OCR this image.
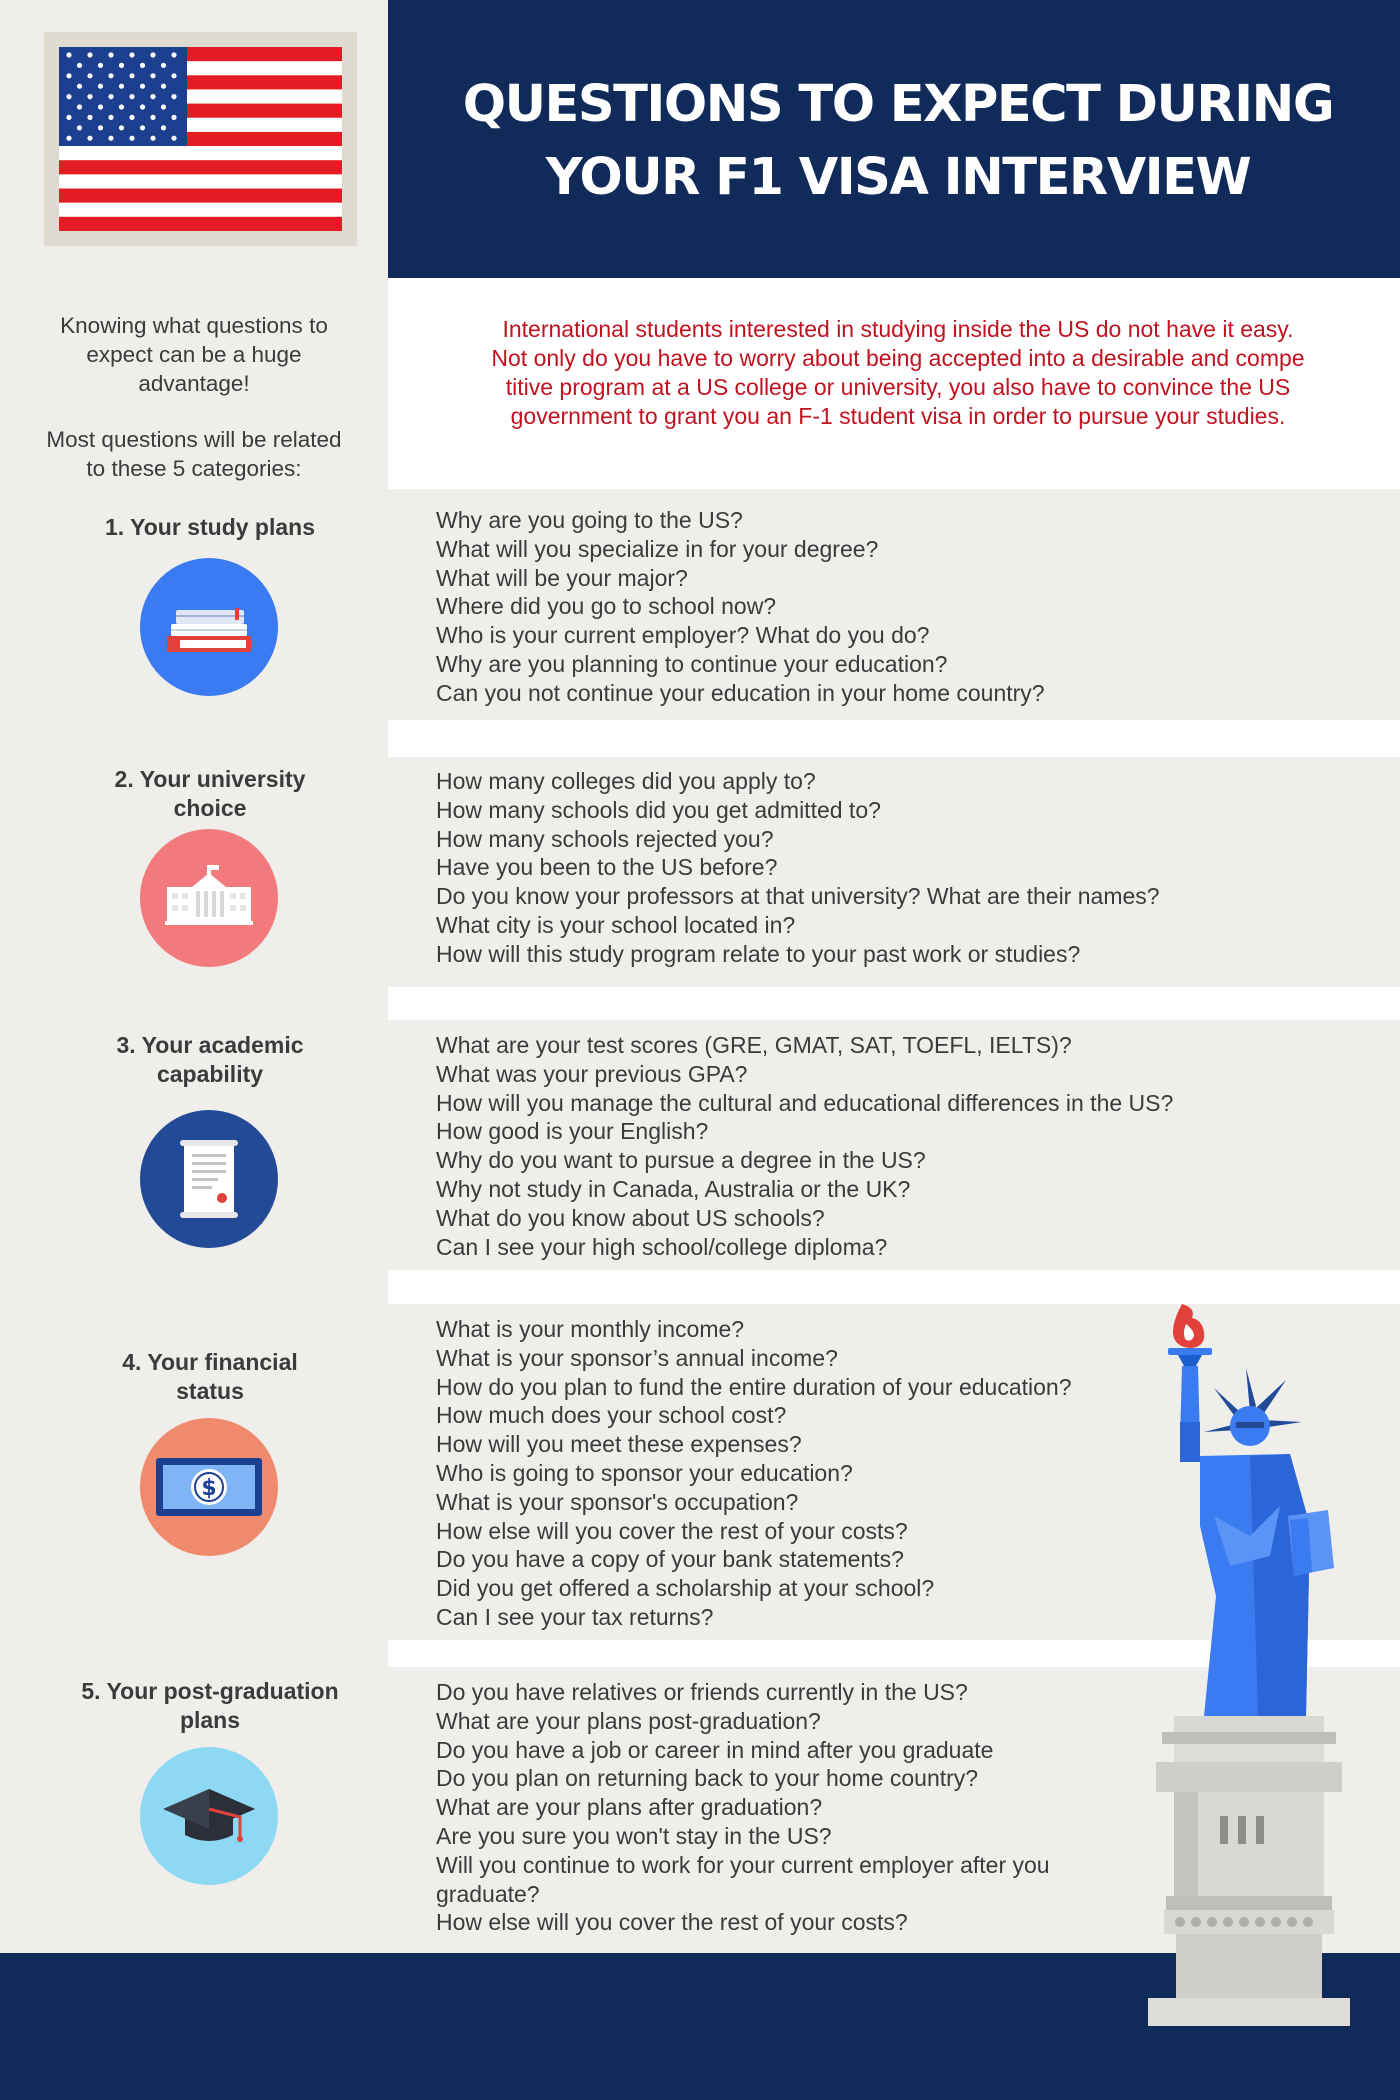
QUESTIONS TO EXPECT DURING
YOUR F1 VISA INTERVIEW
International students interested in studying inside the US do not have it easy.
Not only do you have to worry about being accepted into a desirable and compe
titive program at a US college or university, you also have to convince the US
government to grant you an F-1 student visa in order to pursue your studies.
Knowing what questions to
expect can be a huge
advantage!
Most questions will be related
to these 5 categories:
1. Your study plans	Why are you going to the US?
What will you specialize in for your degree?
What will be your major?
Where did you go to school now?
Who is your current employer? What do you do?
Why are you planning to continue your education?
Can you not continue your education in your home country?
2. Your university
choice
How many colleges did you apply to?
How many schools did you get admitted to?
How many schools rejected you?
Have you been to the US before?
Do you know your professors at that university? What are their names?
What city is your school located in?
How will this study program relate to your past work or studies?
3. Your academic
capability
What are your test scores (GRE, GMAT, SAT, TOEFL, IELTS)?
What was your previous GPA?
How will you manage the cultural and educational differences in the US?
How good is your English?
Why do you want to pursue a degree in the US?
Why not study in Canada, Australia or the UK?
What do you know about US schools?
Can I see your high school/college diploma?
4. Your financial
status
$
What is your monthly income?
What is your sponsor’s annual income?
How do you plan to fund the entire duration of your education?
How much does your school cost?
How will you meet these expenses?
Who is going to sponsor your education?
What is your sponsor's occupation?
How else will you cover the rest of your costs?
Do you have a copy of your bank statements?
Did you get offered a scholarship at your school?
Can I see your tax returns?
5. Your post-graduation
plans
Do you have relatives or friends currently in the US?
What are your plans post-graduation?
Do you have a job or career in mind after you graduate
Do you plan on returning back to your home country?
What are your plans after graduation?
Are you sure you won't stay in the US?
Will you continue to work for your current employer after you
graduate?
How else will you cover the rest of your costs?
